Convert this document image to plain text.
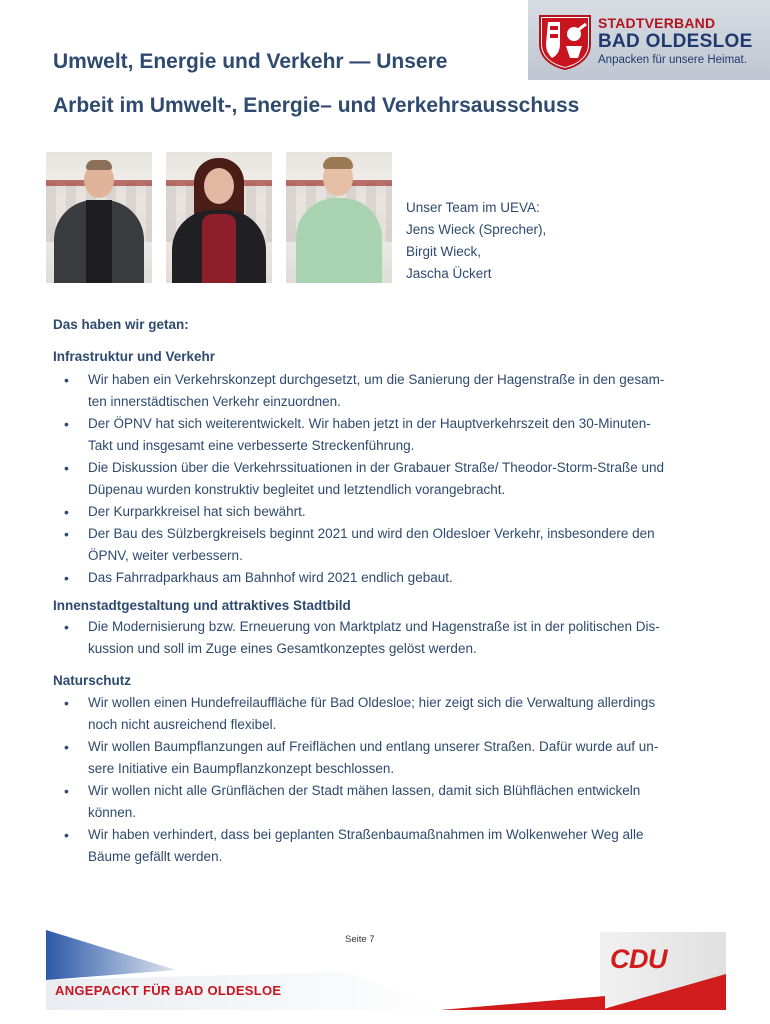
STADTVERBAND
BAD OLDESLOE
Anpacken für unsere Heimat.
Umwelt, Energie und Verkehr — Unsere
Arbeit im Umwelt-, Energie– und Verkehrsausschuss
Unser Team im UEVA:
Jens Wieck (Sprecher),
Birgit Wieck,
Jascha Ückert
Das haben wir getan:
Infrastruktur und Verkehr
• Wir haben ein Verkehrskonzept durchgesetzt, um die Sanierung der Hagenstraße in den gesam-
ten innerstädtischen Verkehr einzuordnen.
• Der ÖPNV hat sich weiterentwickelt. Wir haben jetzt in der Hauptverkehrszeit den 30-Minuten-
Takt und insgesamt eine verbesserte Streckenführung.
• Die Diskussion über die Verkehrssituationen in der Grabauer Straße/ Theodor-Storm-Straße und
Düpenau wurden konstruktiv begleitet und letztendlich vorangebracht.
• Der Kurparkkreisel hat sich bewährt.
• Der Bau des Sülzbergkreisels beginnt 2021 und wird den Oldesloer Verkehr, insbesondere den
ÖPNV, weiter verbessern.
• Das Fahrradparkhaus am Bahnhof wird 2021 endlich gebaut.
Innenstadtgestaltung und attraktives Stadtbild
• Die Modernisierung bzw. Erneuerung von Marktplatz und Hagenstraße ist in der politischen Dis-
kussion und soll im Zuge eines Gesamtkonzeptes gelöst werden.
Naturschutz
• Wir wollen einen Hundefreilauffläche für Bad Oldesloe; hier zeigt sich die Verwaltung allerdings
noch nicht ausreichend flexibel.
• Wir wollen Baumpflanzungen auf Freiflächen und entlang unserer Straßen. Dafür wurde auf un-
sere Initiative ein Baumpflanzkonzept beschlossen.
• Wir wollen nicht alle Grünflächen der Stadt mähen lassen, damit sich Blühflächen entwickeln
können.
• Wir haben verhindert, dass bei geplanten Straßenbaumaßnahmen im Wolkenweher Weg alle
Bäume gefällt werden.
Seite 7
ANGEPACKT FÜR BAD OLDESLOE
CDU
